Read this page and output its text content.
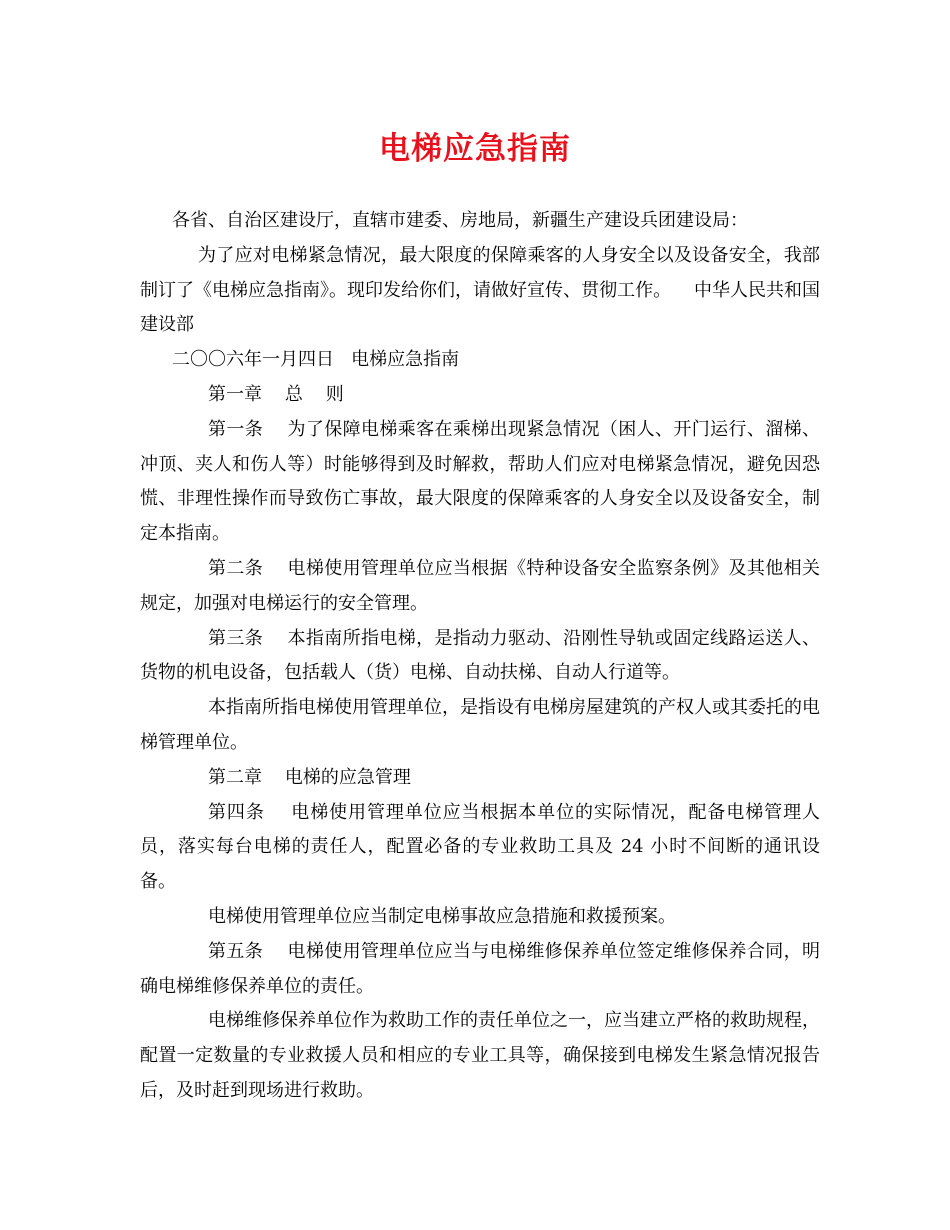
电梯应急指南

各省、自治区建设厅，直辖市建委、房地局，新疆生产建设兵团建设局：

为了应对电梯紧急情况，最大限度的保障乘客的人身安全以及设备安全，我部制订了《电梯应急指南》。现印发给你们，请做好宣传、贯彻工作。    中华人民共和国建设部

二〇〇六年一月四日   电梯应急指南

第一章    总    则

第一条    为了保障电梯乘客在乘梯出现紧急情况（困人、开门运行、溜梯、冲顶、夹人和伤人等）时能够得到及时解救，帮助人们应对电梯紧急情况，避免因恐慌、非理性操作而导致伤亡事故，最大限度的保障乘客的人身安全以及设备安全，制定本指南。

第二条    电梯使用管理单位应当根据《特种设备安全监察条例》及其他相关规定，加强对电梯运行的安全管理。

第三条    本指南所指电梯，是指动力驱动、沿刚性导轨或固定线路运送人、货物的机电设备，包括载人（货）电梯、自动扶梯、自动人行道等。

本指南所指电梯使用管理单位，是指设有电梯房屋建筑的产权人或其委托的电梯管理单位。

第二章    电梯的应急管理

第四条    电梯使用管理单位应当根据本单位的实际情况，配备电梯管理人员，落实每台电梯的责任人，配置必备的专业救助工具及 24 小时不间断的通讯设备。

电梯使用管理单位应当制定电梯事故应急措施和救援预案。

第五条    电梯使用管理单位应当与电梯维修保养单位签定维修保养合同，明确电梯维修保养单位的责任。

电梯维修保养单位作为救助工作的责任单位之一，应当建立严格的救助规程，配置一定数量的专业救援人员和相应的专业工具等，确保接到电梯发生紧急情况报告后，及时赶到现场进行救助。
